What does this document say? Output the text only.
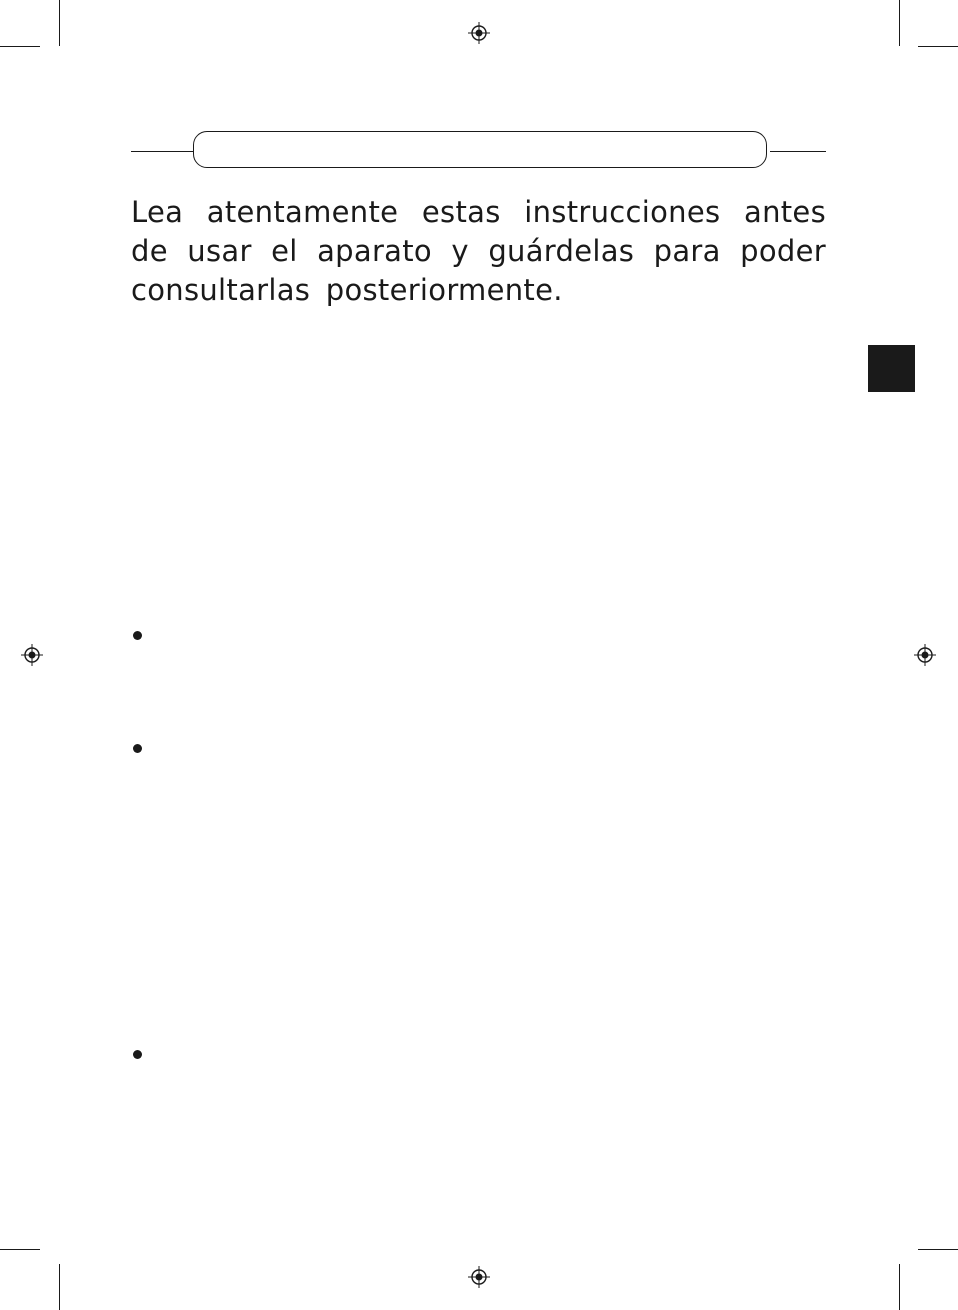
Lea atentamente estas instrucciones antes de usar el aparato y guárdelas para poder consultarlas posteriormente.
